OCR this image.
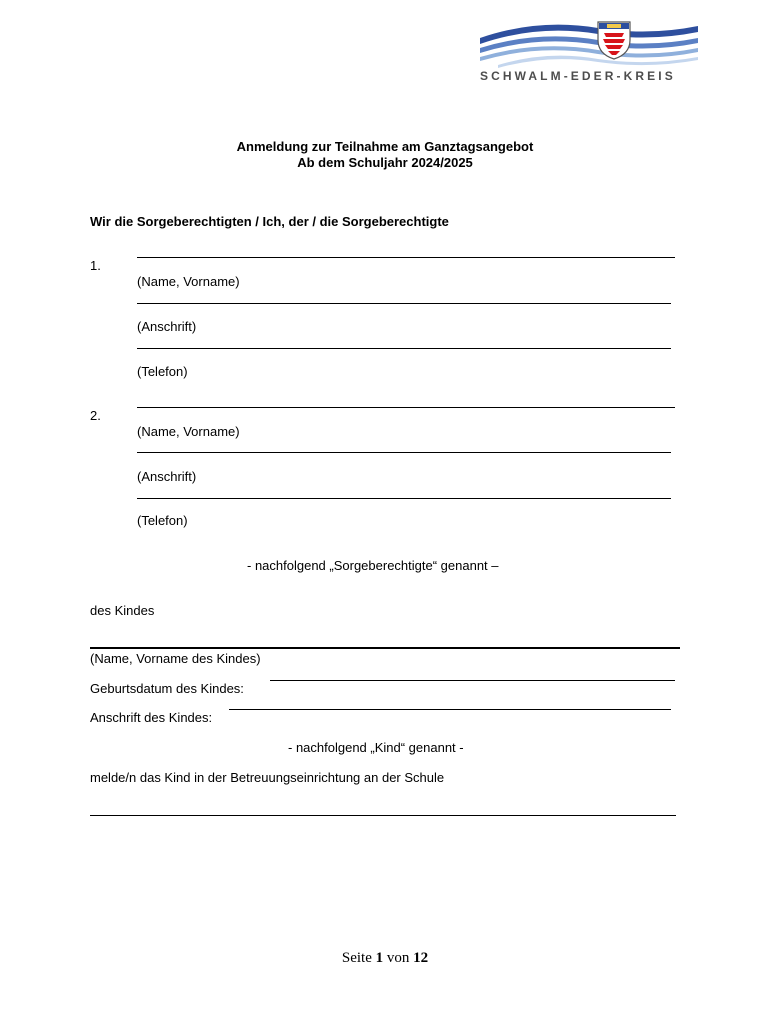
SCHWALM-EDER-KREIS
Anmeldung zur Teilnahme am Ganztagsangebot
Ab dem Schuljahr 2024/2025
Wir die Sorgeberechtigten / Ich, der / die Sorgeberechtigte
1.
(Name, Vorname)
(Anschrift)
(Telefon)
2.
(Name, Vorname)
(Anschrift)
(Telefon)
- nachfolgend „Sorgeberechtigte“ genannt –
des Kindes
(Name, Vorname des Kindes)
Geburtsdatum des Kindes:
Anschrift des Kindes:
- nachfolgend „Kind“ genannt -
melde/n das Kind in der Betreuungseinrichtung an der Schule
Seite 1 von 12
